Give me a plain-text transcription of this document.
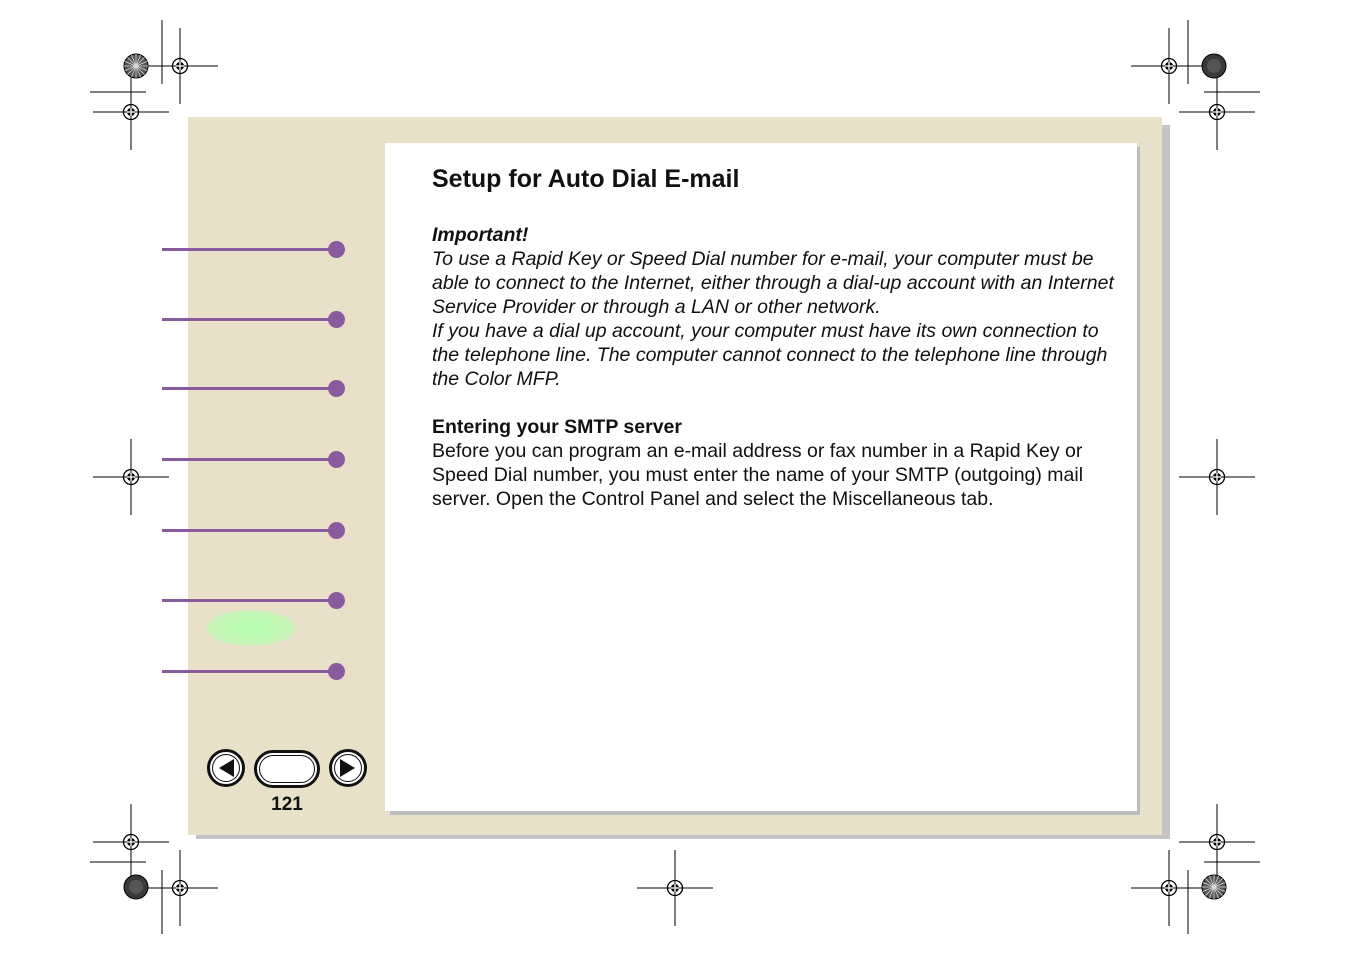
121
Setup for Auto Dial E-mail
Important!

To use a Rapid Key or Speed Dial number for e-mail, your computer must be able to connect to the Internet, either through a dial-up account with an Internet Service Provider or through a LAN or other network.

If you have a dial up account, your computer must have its own connection to the telephone line. The computer cannot connect to the telephone line through the Color MFP.

Entering your SMTP server

Before you can program an e-mail address or fax number in a Rapid Key or Speed Dial number, you must enter the name of your SMTP (outgoing) mail server. Open the Control Panel and select the Miscellaneous tab.
